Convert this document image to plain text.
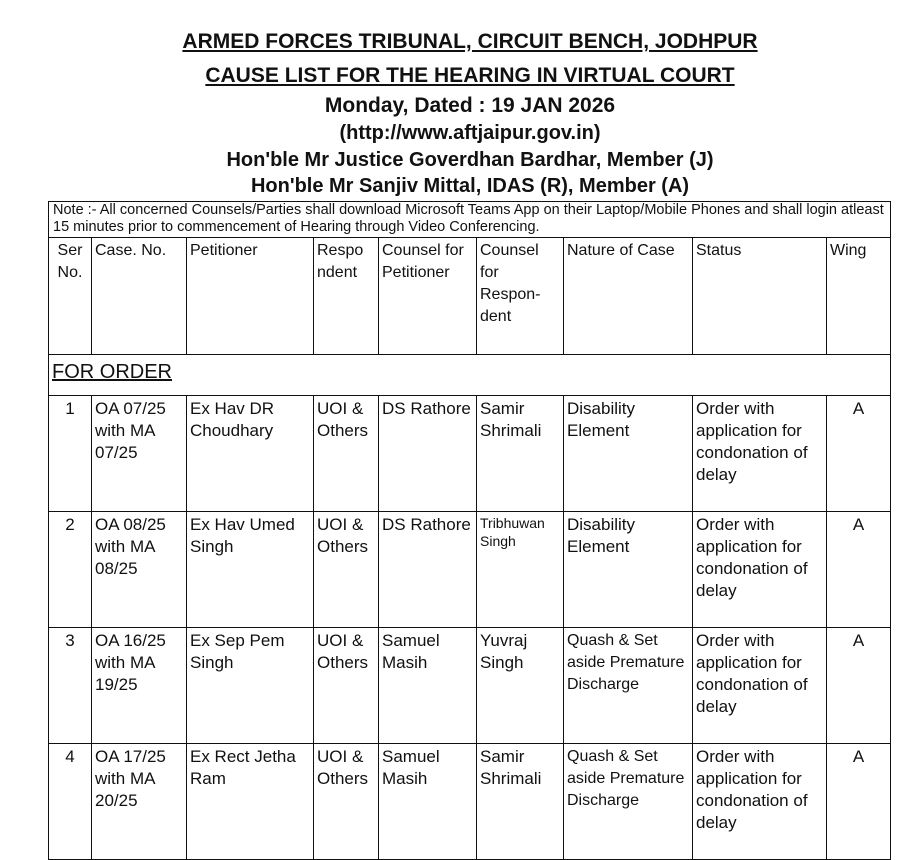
ARMED FORCES TRIBUNAL, CIRCUIT BENCH, JODHPUR
CAUSE LIST FOR THE HEARING IN VIRTUAL COURT
Monday, Dated : 19 JAN 2026
(http://www.aftjaipur.gov.in)
Hon'ble Mr Justice Goverdhan Bardhar, Member (J)
Hon'ble Mr Sanjiv Mittal, IDAS (R), Member (A)
Note :- All concerned Counsels/Parties shall download Microsoft Teams App on their Laptop/Mobile Phones and shall login atleast 15 minutes prior to commencement of Hearing through Video Conferencing.								
Ser No.	Case. No.	Petitioner	Respo ndent	Counsel for Petitioner	Counsel for Respon-dent	Nature of Case	Status	Wing
FOR ORDER								
1	OA 07/25 with MA 07/25	Ex Hav DR Choudhary	UOI & Others	DS Rathore	Samir Shrimali	Disability Element	Order with application for condonation of delay	A
2	OA 08/25 with MA 08/25	Ex Hav Umed Singh	UOI & Others	DS Rathore	Tribhuwan Singh	Disability Element	Order with application for condonation of delay	A
3	OA 16/25 with MA 19/25	Ex Sep Pem Singh	UOI & Others	Samuel Masih	Yuvraj Singh	Quash & Set aside Premature Discharge	Order with application for condonation of delay	A
4	OA 17/25 with MA 20/25	Ex Rect Jetha Ram	UOI & Others	Samuel Masih	Samir Shrimali	Quash & Set aside Premature Discharge	Order with application for condonation of delay	A
